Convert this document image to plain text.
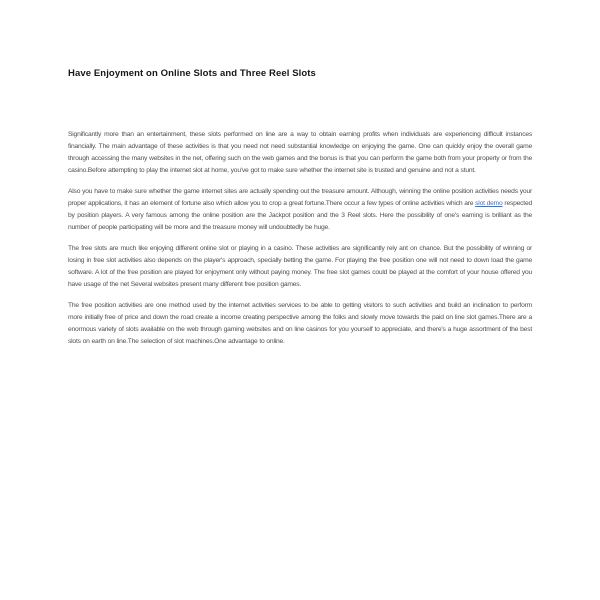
Have Enjoyment on Online Slots and Three Reel Slots

Significantly more than an entertainment, these slots performed on line are a way to obtain earning profits when individuals are experiencing difficult instances financially. The main advantage of these activities is that you need not need substantial knowledge on enjoying the game. One can quickly enjoy the overall game through accessing the many websites in the net, offering such on the web games and the bonus is that you can perform the game both from your property or from the casino.Before attempting to play the internet slot at home, you've got to make sure whether the internet site is trusted and genuine and not a stunt.

Also you have to make sure whether the game internet sites are actually spending out the treasure amount. Although, winning the online position activities needs your proper applications, it has an element of fortune also which allow you to crop a great fortune.There occur a few types of online activities which are slot demo respected by position players. A very famous among the online position are the Jackpot position and the 3 Reel slots. Here the possibility of one's earning is brilliant as the number of people participating will be more and the treasure money will undoubtedly be huge.

The free slots are much like enjoying different online slot or playing in a casino. These activities are significantly rely ant on chance. But the possibility of winning or losing in free slot activities also depends on the player's approach, specially betting the game. For playing the free position one will not need to down load the game software. A lot of the free position are played for enjoyment only without paying money. The free slot games could be played at the comfort of your house offered you have usage of the net Several websites present many different free position games.

The free position activities are one method used by the internet activities services to be able to getting visitors to such activities and build an inclination to perform more initially free of price and down the road create a income creating perspective among the folks and slowly move towards the paid on line slot games.There are a enormous variety of slots available on the web through gaming websites and on line casinos for you yourself to appreciate, and there's a huge assortment of the best slots on earth on line.The selection of slot machines.One advantage to online.
